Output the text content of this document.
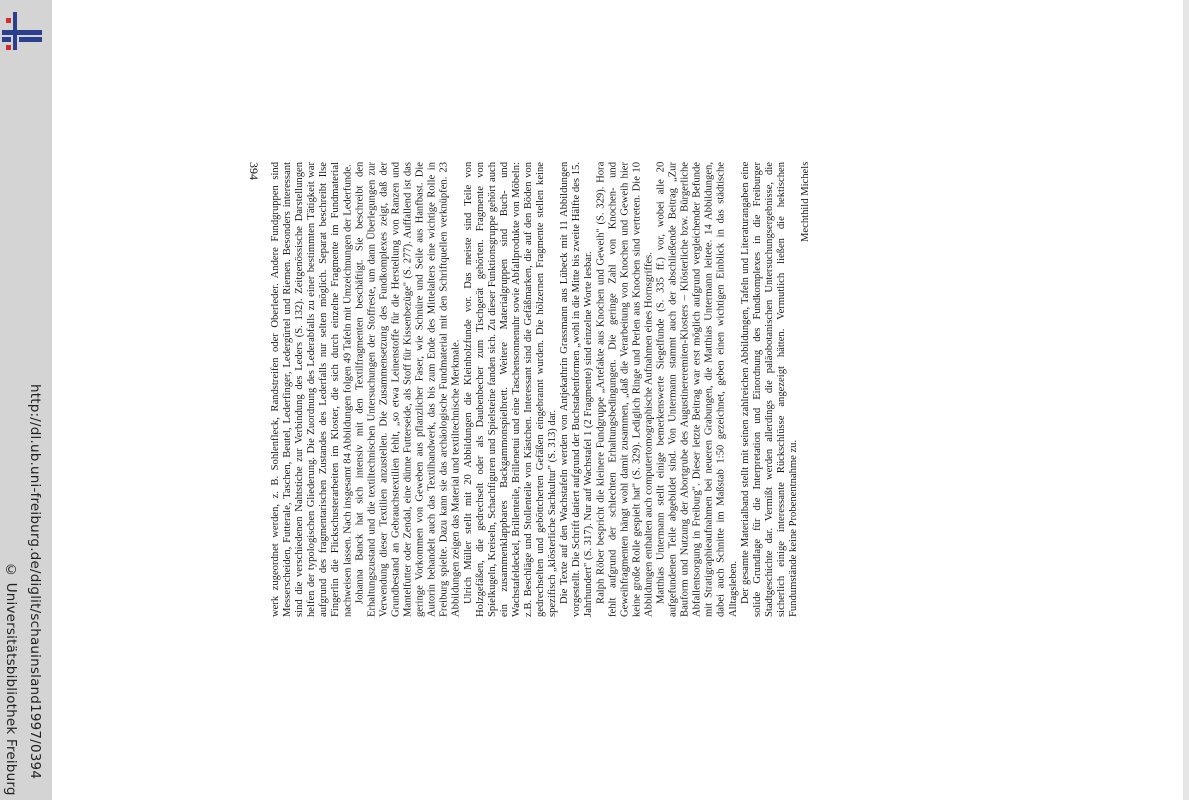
http://dl.ub.uni-freiburg.de/diglit/schauinsland1997/0394
© Universitätsbibliothek Freiburg
394 werk zugeordnet werden, z. B. Sohlenfleck, Randstreifen oder Oberleder. Andere Fundgruppen sind Messerscheiden, Futterale, Taschen, Beutel, Lederfinger, Ledergürtel und Riemen. Besonders interessant sind die verschiedenen Nahtstiche zur Verbindung des Leders (S. 132). Zeitgenössische Darstellungen helfen der typologischen Gliederung. Die Zuordnung des Lederabfalls zu einer bestimmten Tätigkeit war aufgrund des fragmentarischen Zustandes des Lederfalls nur selten möglich. Separat beschreibt Ilse Fingerlin die Flickschusterarbeiten im Kloster, die sich durch einzelne Fragmente im Fundmaterial nachweisen lassen. Nach insgesamt 84 Abbildungen folgen 49 Tafeln mit Umzeichnungen der Lederfunde. Johanna Banck hat sich intensiv mit den Textilfragmenten beschäftigt. Sie beschreibt den Erhaltungszustand und die textiltechnischen Untersuchungen der Stoffreste, um dann Überlegungen zur Verwendung dieser Textilien anzustellen. Die Zusammensetzung des Fundkomplexes zeigt, daß der Grundbestand an Gebrauchstextilien fehlt, „so etwa Leinenstoffe für die Herstellung von Ranzen und Mantelfutter oder Zendal, eine dünne Futterseide, als Stoff für Kissenbezüge" (S. 277). Auffallend ist das geringe Vorkommen von Geweben aus pflanzlicher Faser, wie Schnüre und Seile aus Hanfbast. Die Autorin behandelt auch das Textilhandwerk, das bis zum Ende des Mittelalters eine wichtige Rolle in Freiburg spielte. Dazu kann sie das archäologische Fundmaterial mit den Schriftquellen verknüpfen. 23 Abbildungen zeigen das Material und textiltechnische Merkmale. Ulrich Müller stellt mit 20 Abbildungen die Kleinholzfunde vor. Das meiste sind Teile von Holzgefäßen, die gedrechselt oder als Daubenbecher zum Tischgerät gehörten. Fragmente von Spielkugeln, Kreiseln, Schachfiguren und Spielsteine fanden sich. Zu dieser Funktionsgruppe gehört auch ein zusammenklappbares Backgammonspielbrett. Weitere Materialgruppen sind Buch- und Wachstafeldeckel, Brillenteile, Brillenetui und eine Taschensonnenuhr sowie Abfallprodukte von Möbeln: z.B. Beschläge und Stollenteile von Kästchen. Interessant sind die Gefäßmarken, die auf den Böden von gedrechselten und geböttcherten Gefäßen eingebrannt wurden. Die hölzernen Fragmente stellen keine spezifisch „klösterliche Sachkultur" (S. 313) dar. Die Texte auf den Wachstafeln werden von Antjekathrin Grassmann aus Lübeck mit 11 Abbildungen vorgestellt. Die Schrift datiert aufgrund der Buchstabenformen „wohl in die Mitte bis zweite Hälfte des 15. Jahrhundert" (S. 317). Nur auf Wachstafel 1 (2 Fragmente) sind einzelne Worte lesbar. Ralph Röber bespricht die kleinere Fundgruppe „Artefakte aus Knochen und Geweih" (S. 329). Hora fehlt aufgrund der schlechten Erhaltungsbedingungen. Die geringe Zahl von Knochen- und Geweihfragmenten hängt wohl damit zusammen, „daß die Verarbeitung von Knochen und Geweih hier keine große Rolle gespielt hat" (S. 329). Lediglich Ringe und Perlen aus Knochen sind vertreten. Die 10 Abbildungen enthalten auch computertomographische Aufnahmen eines Hornsgriffes. Matthias Untermann stellt einige bemerkenswerte Siegelfunde (S. 335 ff.) vor, wobei alle 20 aufgefundenen Teile abgebildet sind. Von Untermann stammt auch der abschließende Beitrag „Zur Bauform und Nutzung der Abortgrube des Augustinereremiten-Klosters – Klösterliche bzw. Bürgerliche Abfallentsorgung in Freiburg". Dieser letzte Beitrag war erst möglich aufgrund vergleichender Befunde mit Stratigraphieaufnahmen bei neueren Grabungen, die Matthias Untermann leitete. 14 Abbildungen, dabei auch Schnitte im Maßstab 1:50 gezeichnet, geben einen wichtigen Einblick in das städtische Alltagsleben. Der gesamte Materialband stellt mit seinen zahlreichen Abbildungen, Tafeln und Literaturangaben eine solide Grundlage für die Interpretation und Einordnung des Fundkomplexes in die Freiburger Stadtgeschichte dar. Vermißt werden allerdings die paläobotanischen Untersuchungsergebnisse, die sicherlich einige interessante Rückschlüsse angezeigt hätten. Vermutlich ließen die hektischen Fundumstände keine Probenentnahme zu.

Mechthild Michels
